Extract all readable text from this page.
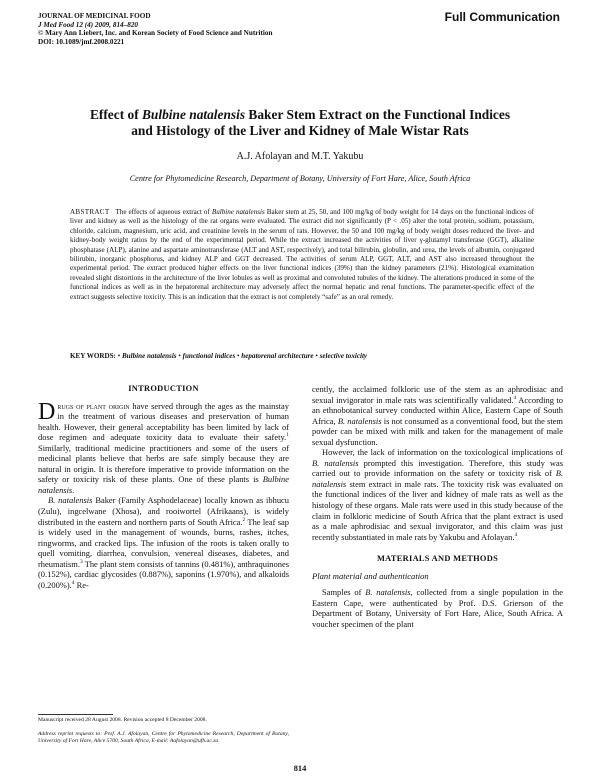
JOURNAL OF MEDICINAL FOOD
J Med Food 12 (4) 2009, 814–820
© Mary Ann Liebert, Inc. and Korean Society of Food Science and Nutrition
DOI: 10.1089/jmf.2008.0221
Full Communication
Effect of Bulbine natalensis Baker Stem Extract on the Functional Indices
and Histology of the Liver and Kidney of Male Wistar Rats
A.J. Afolayan and M.T. Yakubu
Centre for Phytomedicine Research, Department of Botany, University of Fort Hare, Alice, South Africa
ABSTRACT The effects of aqueous extract of Bulbine natalensis Baker stem at 25, 50, and 100 mg/kg of body weight for 14 days on the functional indices of liver and kidney as well as the histology of the rat organs were evaluated. The extract did not significantly (P < .05) alter the total protein, sodium, potassium, chloride, calcium, magnesium, uric acid, and creatinine levels in the serum of rats. However, the 50 and 100 mg/kg of body weight doses reduced the liver- and kidney-body weight ratios by the end of the experimental period. While the extract increased the activities of liver γ-glutamyl transferase (GGT), alkaline phosphatase (ALP), alanine and aspartate aminotransferase (ALT and AST, respectively), and total bilirubin, globulin, and urea, the levels of albumin, conjugated bilirubin, inorganic phosphorus, and kidney ALP and GGT decreased. The activities of serum ALP, GGT, ALT, and AST also increased throughout the experimental period. The extract produced higher effects on the liver functional indices (39%) than the kidney parameters (21%). Histological examination revealed slight distortions in the architecture of the liver lobules as well as proximal and convoluted tubules of the kidney. The alterations produced in some of the functional indices as well as in the hepatorenal architecture may adversely affect the normal hepatic and renal functions. The parameter-specific effect of the extract suggests selective toxicity. This is an indication that the extract is not completely “safe” as an oral remedy.
KEY WORDS: • Bulbine natalensis • functional indices • hepatorenal architecture • selective toxicity
INTRODUCTION

Drugs of plant origin have served through the ages as the mainstay in the treatment of various diseases and preservation of human health. However, their general acceptability has been limited by lack of dose regimen and adequate toxicity data to evaluate their safety.$^1$ Similarly, traditional medicine practitioners and some of the users of medicinal plants believe that herbs are safe simply because they are natural in origin. It is therefore imperative to provide information on the safety or toxicity risk of these plants. One of these plants is Bulbine natalensis.

B. natalensis Baker (Family Asphodelaceae) locally known as ibhucu (Zulu), ingcelwane (Xhosa), and rooiwortel (Afrikaans), is widely distributed in the eastern and northern parts of South Africa.$^2$ The leaf sap is widely used in the management of wounds, burns, rashes, itches, ringworms, and cracked lips. The infusion of the roots is taken orally to quell vomiting, diarrhea, convulsion, venereal diseases, diabetes, and rheumatism.$^3$ The plant stem consists of tannins (0.481%), anthraquinones (0.152%), cardiac glycosides (0.887%), saponins (1.970%), and alkaloids (0.200%).$^4$ Re-

cently, the acclaimed folkloric use of the stem as an aphrodisiac and sexual invigorator in male rats was scientifically validated.$^4$ According to an ethnobotanical survey conducted within Alice, Eastern Cape of South Africa, B. natalensis is not consumed as a conventional food, but the stem powder can be mixed with milk and taken for the management of male sexual dysfunction.

However, the lack of information on the toxicological implications of B. natalensis prompted this investigation. Therefore, this study was carried out to provide information on the safety or toxicity risk of B. natalensis stem extract in male rats. The toxicity risk was evaluated on the functional indices of the liver and kidney of male rats as well as the histology of these organs. Male rats were used in this study because of the claim in folkloric medicine of South Africa that the plant extract is used as a male aphrodisiac and sexual invigorator, and this claim was just recently substantiated in male rats by Yakubu and Afolayan.$^4$

MATERIALS AND METHODS
Plant material and authentication

Samples of B. natalensis, collected from a single population in the Eastern Cape, were authenticated by Prof. D.S. Grierson of the Department of Botany, University of Fort Hare, Alice, South Africa. A voucher specimen of the plant

Manuscript received 28 August 2008. Revision accepted 8 December 2008.
Address reprint requests to: Prof. A.J. Afolayan, Centre for Phytomedicine Research, Department of Botany, University of Fort Hare, Alice 5700, South Africa, E-mail: Aafolayan@ufh.ac.za
814
